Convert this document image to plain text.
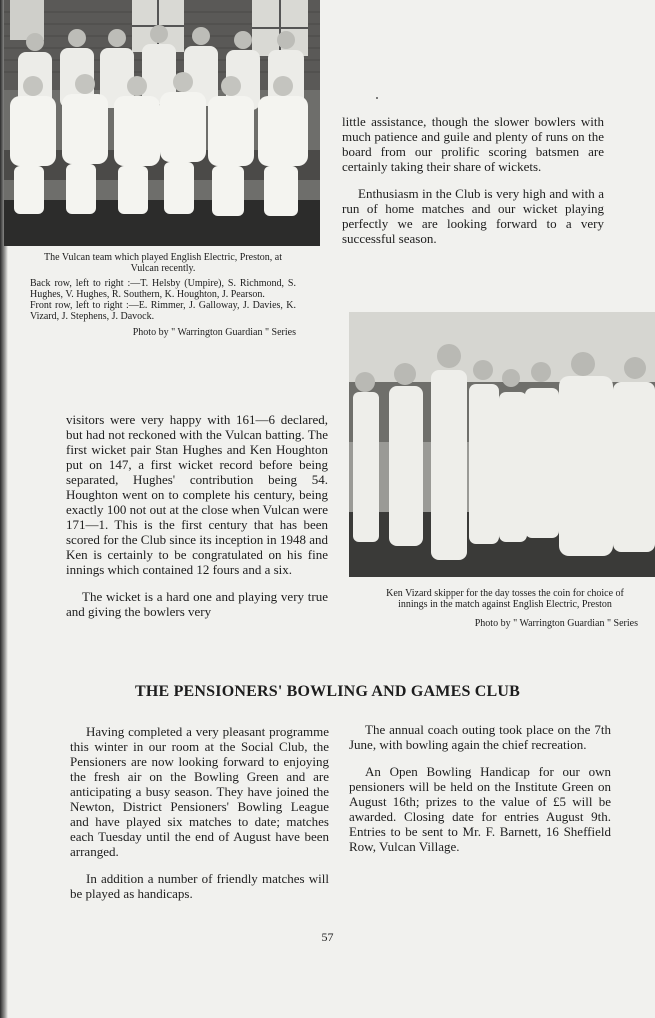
The Vulcan team which played English Electric, Preston, at Vulcan recently.

Back row, left to right :—T. Helsby (Umpire), S. Richmond, S. Hughes, V. Hughes, R. Southern, K. Houghton, J. Pearson.

Front row, left to right :—E. Rimmer, J. Galloway, J. Davies, K. Vizard, J. Stephens, J. Davock.

Photo by " Warrington Guardian " Series

little assistance, though the slower bowlers with much patience and guile and plenty of runs on the board from our prolific scoring batsmen are certainly taking their share of wickets.

Enthusiasm in the Club is very high and with a run of home matches and our wicket playing perfectly we are looking forward to a very successful season.

Ken Vizard skipper for the day tosses the coin for choice of innings in the match against English Electric, Preston

Photo by " Warrington Guardian " Series

visitors were very happy with 161—6 declared, but had not reckoned with the Vulcan batting. The first wicket pair Stan Hughes and Ken Houghton put on 147, a first wicket record before being separated, Hughes' contribution being 54. Houghton went on to complete his century, being exactly 100 not out at the close when Vulcan were 171—1. This is the first century that has been scored for the Club since its inception in 1948 and Ken is certainly to be congratulated on his fine innings which contained 12 fours and a six.

The wicket is a hard one and playing very true and giving the bowlers very

THE PENSIONERS' BOWLING AND GAMES CLUB

Having completed a very pleasant programme this winter in our room at the Social Club, the Pensioners are now looking forward to enjoying the fresh air on the Bowling Green and are anticipating a busy season. They have joined the Newton, District Pensioners' Bowling League and have played six matches to date; matches each Tuesday until the end of August have been arranged.

In addition a number of friendly matches will be played as handicaps.

The annual coach outing took place on the 7th June, with bowling again the chief recreation.

An Open Bowling Handicap for our own pensioners will be held on the Institute Green on August 16th; prizes to the value of £5 will be awarded. Closing date for entries August 9th. Entries to be sent to Mr. F. Barnett, 16 Sheffield Row, Vulcan Village.

57
